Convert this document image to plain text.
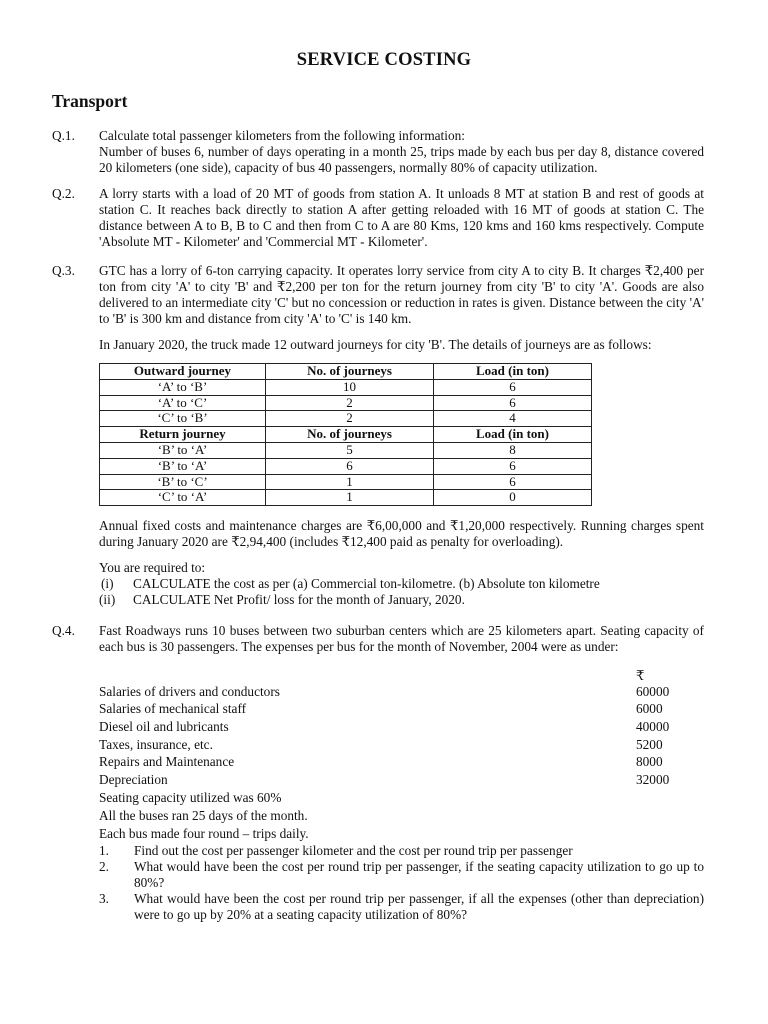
SERVICE COSTING
Transport
Q.1. Calculate total passenger kilometers from the following information:

Number of buses 6, number of days operating in a month 25, trips made by each bus per day 8, distance covered 20 kilometers (one side), capacity of bus 40 passengers, normally 80% of capacity utilization.

Q.2. A lorry starts with a load of 20 MT of goods from station A. It unloads 8 MT at station B and rest of goods at station C. It reaches back directly to station A after getting reloaded with 16 MT of goods at station C. The distance between A to B, B to C and then from C to A are 80 Kms, 120 kms and 160 kms respectively. Compute 'Absolute MT - Kilometer' and 'Commercial MT - Kilometer'.

Q.3. GTC has a lorry of 6-ton carrying capacity. It operates lorry service from city A to city B. It charges ₹2,400 per ton from city 'A' to city 'B' and ₹2,200 per ton for the return journey from city 'B' to city 'A'. Goods are also delivered to an intermediate city 'C' but no concession or reduction in rates is given. Distance between the city 'A' to 'B' is 300 km and distance from city 'A' to 'C' is 140 km.

In January 2020, the truck made 12 outward journeys for city 'B'. The details of journeys are as follows:

Outward journey	No. of journeys	Load (in ton)
‘A’ to ‘B’	10	6
‘A’ to ‘C’	2	6
‘C’ to ‘B’	2	4
Return journey	No. of journeys	Load (in ton)
‘B’ to ‘A’	5	8
‘B’ to ‘A’	6	6
‘B’ to ‘C’	1	6
‘C’ to ‘A’	1	0

Annual fixed costs and maintenance charges are ₹6,00,000 and ₹1,20,000 respectively. Running charges spent during January 2020 are ₹2,94,400 (includes ₹12,400 paid as penalty for overloading).

You are required to:
(i) CALCULATE the cost as per (a) Commercial ton-kilometre. (b) Absolute ton kilometre
(ii) CALCULATE Net Profit/ loss for the month of January, 2020.
Q.4. Fast Roadways runs 10 buses between two suburban centers which are 25 kilometers apart. Seating capacity of each bus is 30 passengers. The expenses per bus for the month of November, 2004 were as under:

₹
Salaries of drivers and conductors	60000
Salaries of mechanical staff	6000
Diesel oil and lubricants	40000
Taxes, insurance, etc.	5200
Repairs and Maintenance	8000
Depreciation	32000
Seating capacity utilized was 60%
All the buses ran 25 days of the month.
Each bus made four round – trips daily.
1. Find out the cost per passenger kilometer and the cost per round trip per passenger
2. What would have been the cost per round trip per passenger, if the seating capacity utilization to go up to 80%?
3. What would have been the cost per round trip per passenger, if all the expenses (other than depreciation) were to go up by 20% at a seating capacity utilization of 80%?
